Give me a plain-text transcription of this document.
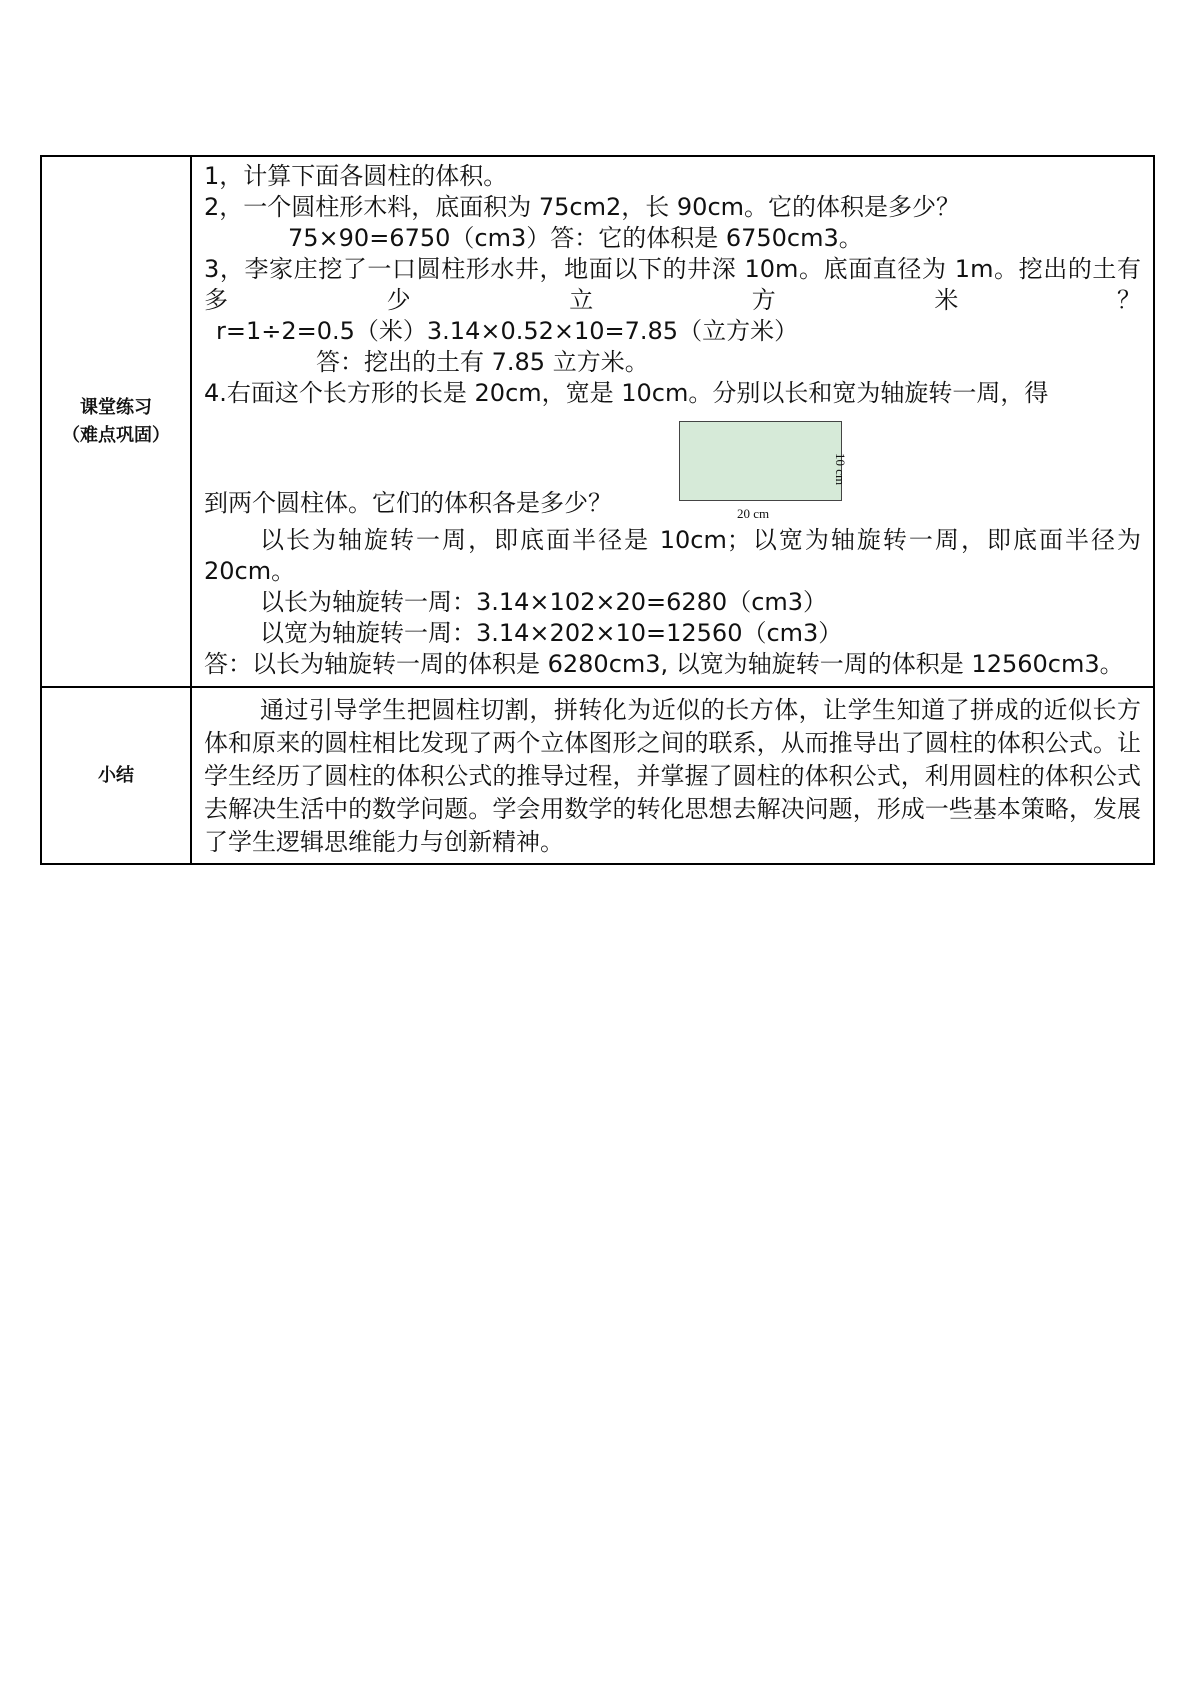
课堂练习
（难点巩固）
1，计算下面各圆柱的体积。
2，一个圆柱形木料，底面积为 75cm2，长 90cm。它的体积是多少？
75×90=6750（cm3）答：它的体积是 6750cm3。
3，李家庄挖了一口圆柱形水井，地面以下的井深 10m。底面直径为 1m。挖出的土有多少立方米？
r=1÷2=0.5（米）3.14×0.52×10=7.85（立方米）
答：挖出的土有 7.85 立方米。
4.右面这个长方形的长是 20cm，宽是 10cm。分别以长和宽为轴旋转一周，得
到两个圆柱体。它们的体积各是多少？	20 cm
10 cm
以长为轴旋转一周，即底面半径是 10cm；以宽为轴旋转一周，即底面半径为 20cm。
以长为轴旋转一周：3.14×102×20=6280（cm3）
以宽为轴旋转一周：3.14×202×10=12560（cm3）
答：以长为轴旋转一周的体积是 6280cm3, 以宽为轴旋转一周的体积是 12560cm3。
小结
通过引导学生把圆柱切割，拼转化为近似的长方体，让学生知道了拼成的近似长方体和原来的圆柱相比发现了两个立体图形之间的联系，从而推导出了圆柱的体积公式。让学生经历了圆柱的体积公式的推导过程，并掌握了圆柱的体积公式，利用圆柱的体积公式去解决生活中的数学问题。学会用数学的转化思想去解决问题，形成一些基本策略，发展了学生逻辑思维能力与创新精神。
